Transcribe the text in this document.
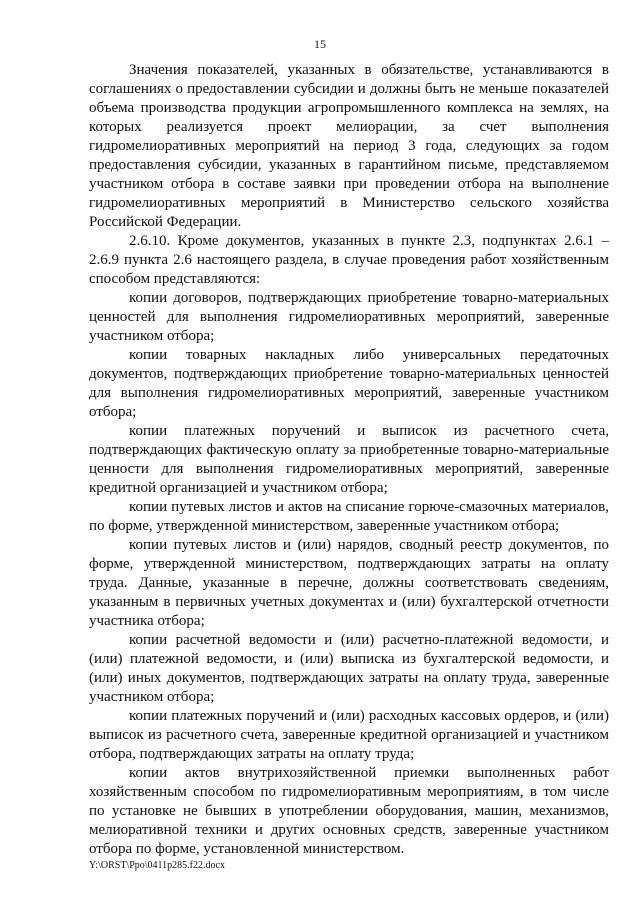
15

Значения показателей, указанных в обязательстве, устанавливаются в соглашениях о предоставлении субсидии и должны быть не меньше показателей объема производства продукции агропромышленного комплекса на землях, на которых реализуется проект мелиорации, за счет выполнения гидромелиоративных мероприятий на период 3 года, следующих за годом предоставления субсидии, указанных в гарантийном письме, представляемом участником отбора в составе заявки при проведении отбора на выполнение гидромелиоративных мероприятий в Министерство сельского хозяйства Российской Федерации.

2.6.10. Кроме документов, указанных в пункте 2.3, подпунктах 2.6.1 – 2.6.9 пункта 2.6 настоящего раздела, в случае проведения работ хозяйственным способом представляются:

копии договоров, подтверждающих приобретение товарно-материальных ценностей для выполнения гидромелиоративных мероприятий, заверенные участником отбора;

копии товарных накладных либо универсальных передаточных документов, подтверждающих приобретение товарно-материальных ценностей для выполнения гидромелиоративных мероприятий, заверенные участником отбора;

копии платежных поручений и выписок из расчетного счета, подтверждающих фактическую оплату за приобретенные товарно-материальные ценности для выполнения гидромелиоративных мероприятий, заверенные кредитной организацией и участником отбора;

копии путевых листов и актов на списание горюче-смазочных материалов, по форме, утвержденной министерством, заверенные участником отбора;

копии путевых листов и (или) нарядов, сводный реестр документов, по форме, утвержденной министерством, подтверждающих затраты на оплату труда. Данные, указанные в перечне, должны соответствовать сведениям, указанным в первичных учетных документах и (или) бухгалтерской отчетности участника отбора;

копии расчетной ведомости и (или) расчетно-платежной ведомости, и (или) платежной ведомости, и (или) выписка из бухгалтерской ведомости, и (или) иных документов, подтверждающих затраты на оплату труда, заверенные участником отбора;

копии платежных поручений и (или) расходных кассовых ордеров, и (или) выписок из расчетного счета, заверенные кредитной организацией и участником отбора, подтверждающих затраты на оплату труда;

копии актов внутрихозяйственной приемки выполненных работ хозяйственным способом по гидромелиоративным мероприятиям, в том числе по установке не бывших в употреблении оборудования, машин, механизмов, мелиоративной техники и других основных средств, заверенные участником отбора по форме, установленной министерством.

Y:\ORST\Ppo\0411p285.f22.docx
